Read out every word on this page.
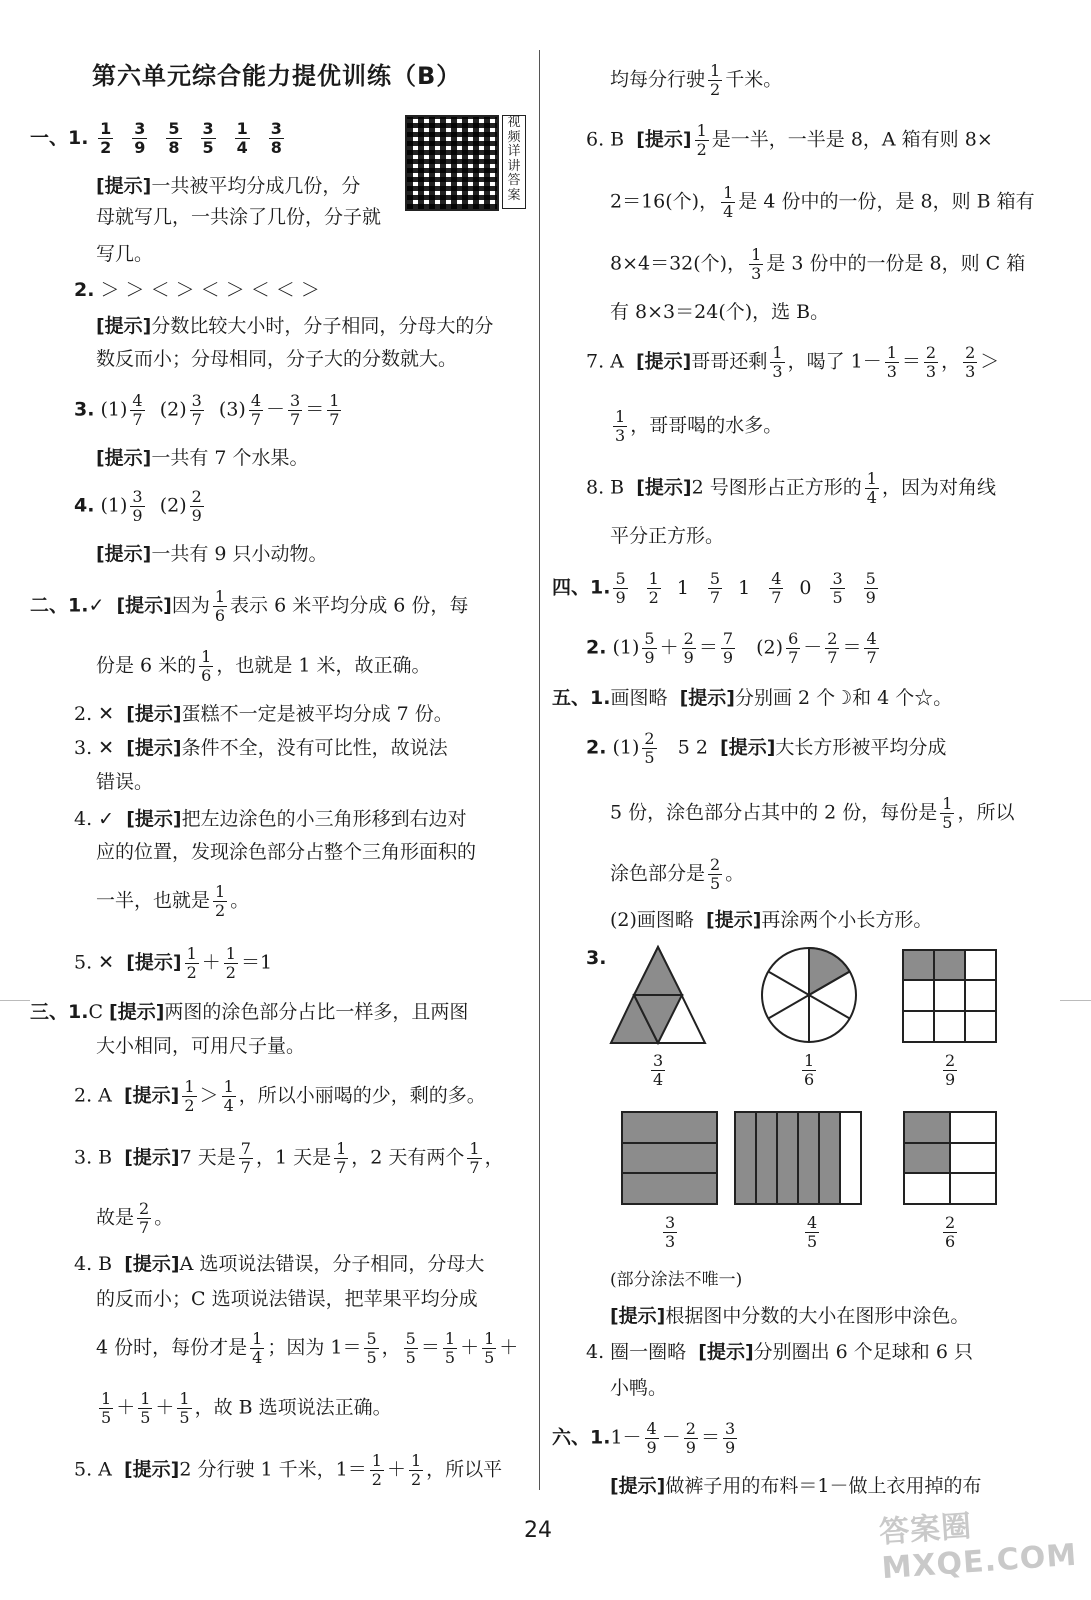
第六单元综合能力提优训练（B）
视频详讲答案
一、1. $\frac{1}{2} \frac{3}{9} \frac{5}{8} \frac{3}{5} \frac{1}{4} \frac{3}{8}$
[提示]一共被平均分成几份，分
母就写几，一共涂了几份，分子就
写几。
2. ＞ ＞ ＜ ＞ ＜ ＞ ＜ ＜ ＞
[提示]分数比较大小时，分子相同，分母大的分
数反而小；分母相同，分子大的分数就大。
3. $(1) \frac{4}{7} (2) \frac{3}{7} (3) \frac{4}{7} - \frac{3}{7} = \frac{1}{7}$
[提示]一共有 7 个水果。
4. $(1) \frac{3}{9} (2) \frac{2}{9}$
[提示]一共有 9 只小动物。
二、1.✓ [提示]因为 $\frac{1}{6}$ 表示 6 米平均分成 6 份，每
份是 6 米的 $\frac{1}{6}$ ，也就是 1 米，故正确。
2. ✕ [提示]蛋糕不一定是被平均分成 7 份。
3. ✕ [提示]条件不全，没有可比性，故说法
错误。
4. ✓ [提示]把左边涂色的小三角形移到右边对
应的位置，发现涂色部分占整个三角形面积的
一半，也就是 $\frac{1}{2}$ 。
5. ✕ [提示] $\frac{1}{2} + \frac{1}{2} =1$
三、1.C [提示]两图的涂色部分占比一样多，且两图
大小相同，可用尺子量。
2. A [提示] $\frac{1}{2} > \frac{1}{4}$ ，所以小丽喝的少，剩的多。
3. B [提示]7 天是 $\frac{7}{7}$ ，1 天是 $\frac{1}{7}$ ，2 天有两个 $\frac{1}{7}$ ，
故是 $\frac{2}{7}$ 。
4. B [提示]A 选项说法错误，分子相同，分母大
的反而小；C 选项说法错误，把苹果平均分成
4 份时，每份才是 $\frac{1}{4}$ ；因为 $1= \frac{5}{5}$ ， $\frac{5}{5} = \frac{1}{5} + \frac{1}{5}$ ＋
$\frac{1}{5} + \frac{1}{5} + \frac{1}{5}$ ，故 B 选项说法正确。
5. A [提示]2 分行驶 1 千米，$1= \frac{1}{2} + \frac{1}{2}$ ，所以平
均每分行驶 $\frac{1}{2}$ 千米。
6. B [提示] $\frac{1}{2}$ 是一半，一半是 8，A 箱有则 8×
2＝16(个)， $\frac{1}{4}$ 是 4 份中的一份，是 8，则 B 箱有
8×4＝32(个)， $\frac{1}{3}$ 是 3 份中的一份是 8，则 C 箱
有 8×3＝24(个)，选 B。
7. A [提示]哥哥还剩 $\frac{1}{3}$ ，喝了 $1- \frac{1}{3} = \frac{2}{3}$ ， $\frac{2}{3}$ ＞
$\frac{1}{3}$ ，哥哥喝的水多。
8. B [提示]2 号图形占正方形的 $\frac{1}{4}$ ，因为对角线
平分正方形。
四、1. $\frac{5}{9} \frac{1}{2} 1 \frac{5}{7} 1 \frac{4}{7} 0 \frac{3}{5} \frac{5}{9}$
2. $(1) \frac{5}{9} + \frac{2}{9} = \frac{7}{9} (2) \frac{6}{7} - \frac{2}{7} = \frac{4}{7}$
五、1.画图略 [提示]分别画 2 个☽和 4 个☆。
2. $(1) \frac{2}{5} 5$ 2 [提示]大长方形被平均分成
5 份，涂色部分占其中的 2 份，每份是 $\frac{1}{5}$ ，所以
涂色部分是 $\frac{2}{5}$ 。
(2)画图略 [提示]再涂两个小长方形。
3.
$\frac{3}{4}$	$\frac{1}{6}$	$\frac{2}{9}$
$\frac{3}{3}$	$\frac{4}{5}$	$\frac{2}{6}$
(部分涂法不唯一)
[提示]根据图中分数的大小在图形中涂色。
4. 圈一圈略 [提示]分别圈出 6 个足球和 6 只
小鸭。
六、$1.1- \frac{4}{9} - \frac{2}{9} = \frac{3}{9}$
[提示]做裤子用的布料＝1－做上衣用掉的布
24	答案圈 MXQE.COM
